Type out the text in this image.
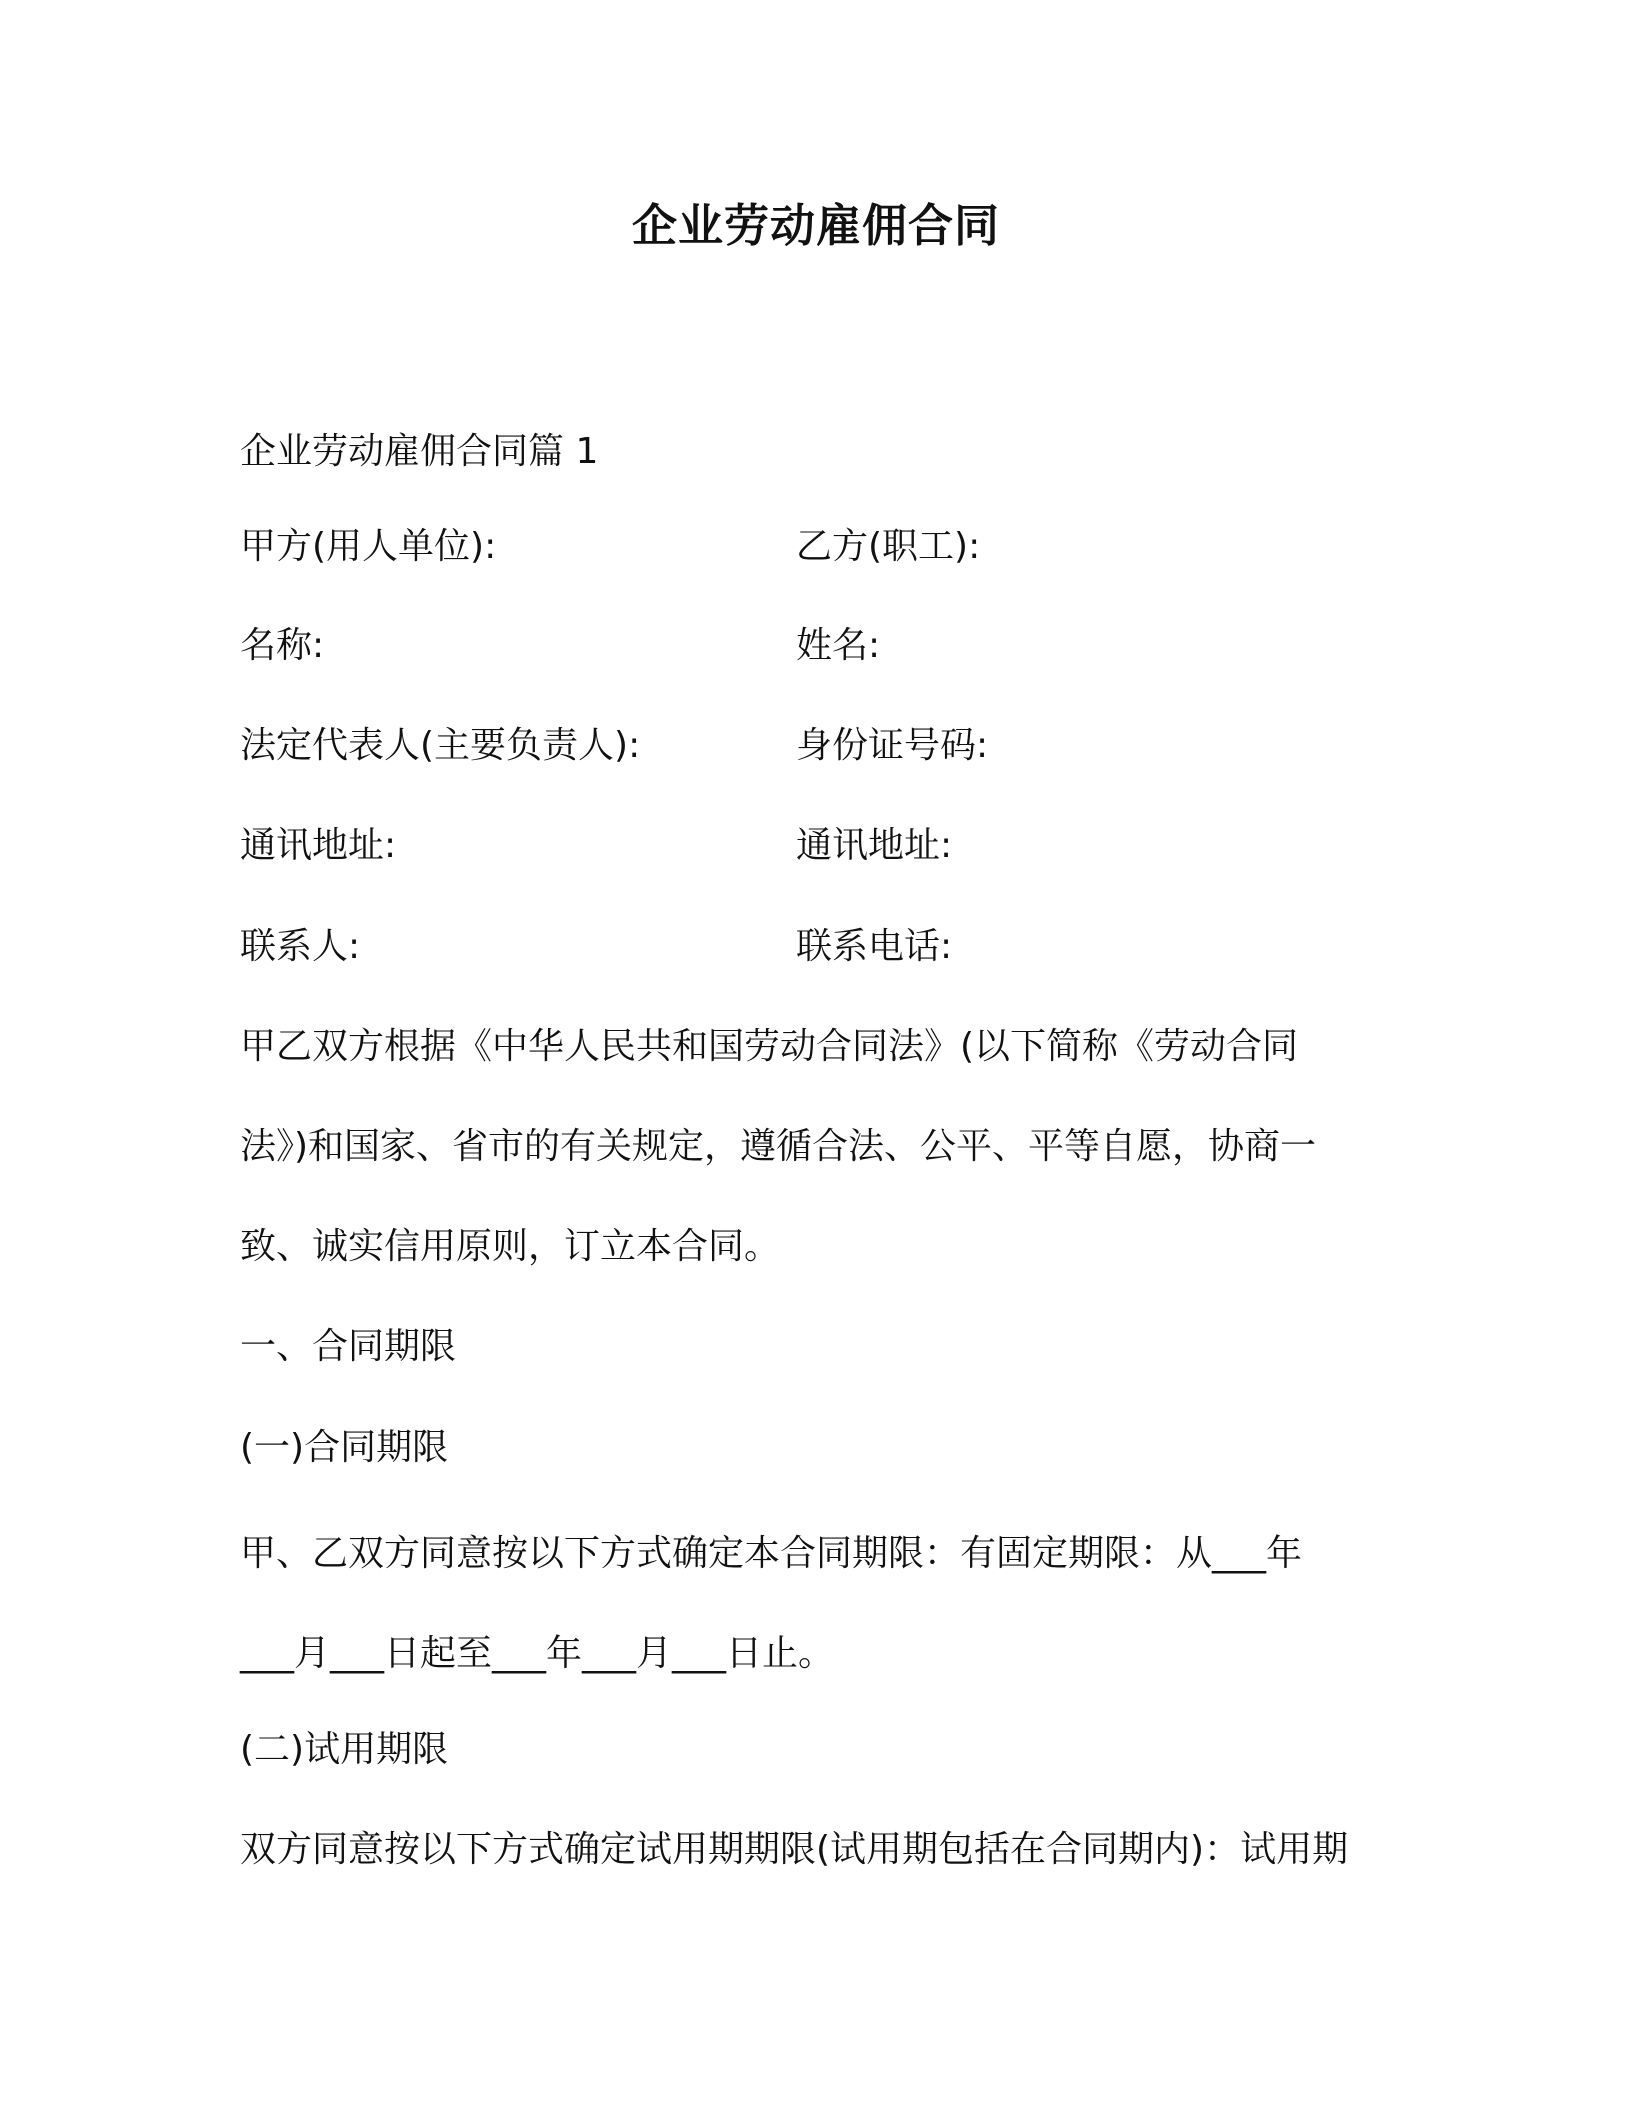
企业劳动雇佣合同
企业劳动雇佣合同篇 1
甲方(用人单位):	乙方(职工):
名称:	姓名:
法定代表人(主要负责人):	身份证号码:
通讯地址:	通讯地址:
联系人:	联系电话:
甲乙双方根据《中华人民共和国劳动合同法》(以下简称《劳动合同
法》)和国家、省市的有关规定，遵循合法、公平、平等自愿，协商一
致、诚实信用原则，订立本合同。
一、合同期限
(一)合同期限
甲、乙双方同意按以下方式确定本合同期限：有固定期限：从___年
___月___日起至___年___月___日止。
(二)试用期限
双方同意按以下方式确定试用期期限(试用期包括在合同期内)：试用期
